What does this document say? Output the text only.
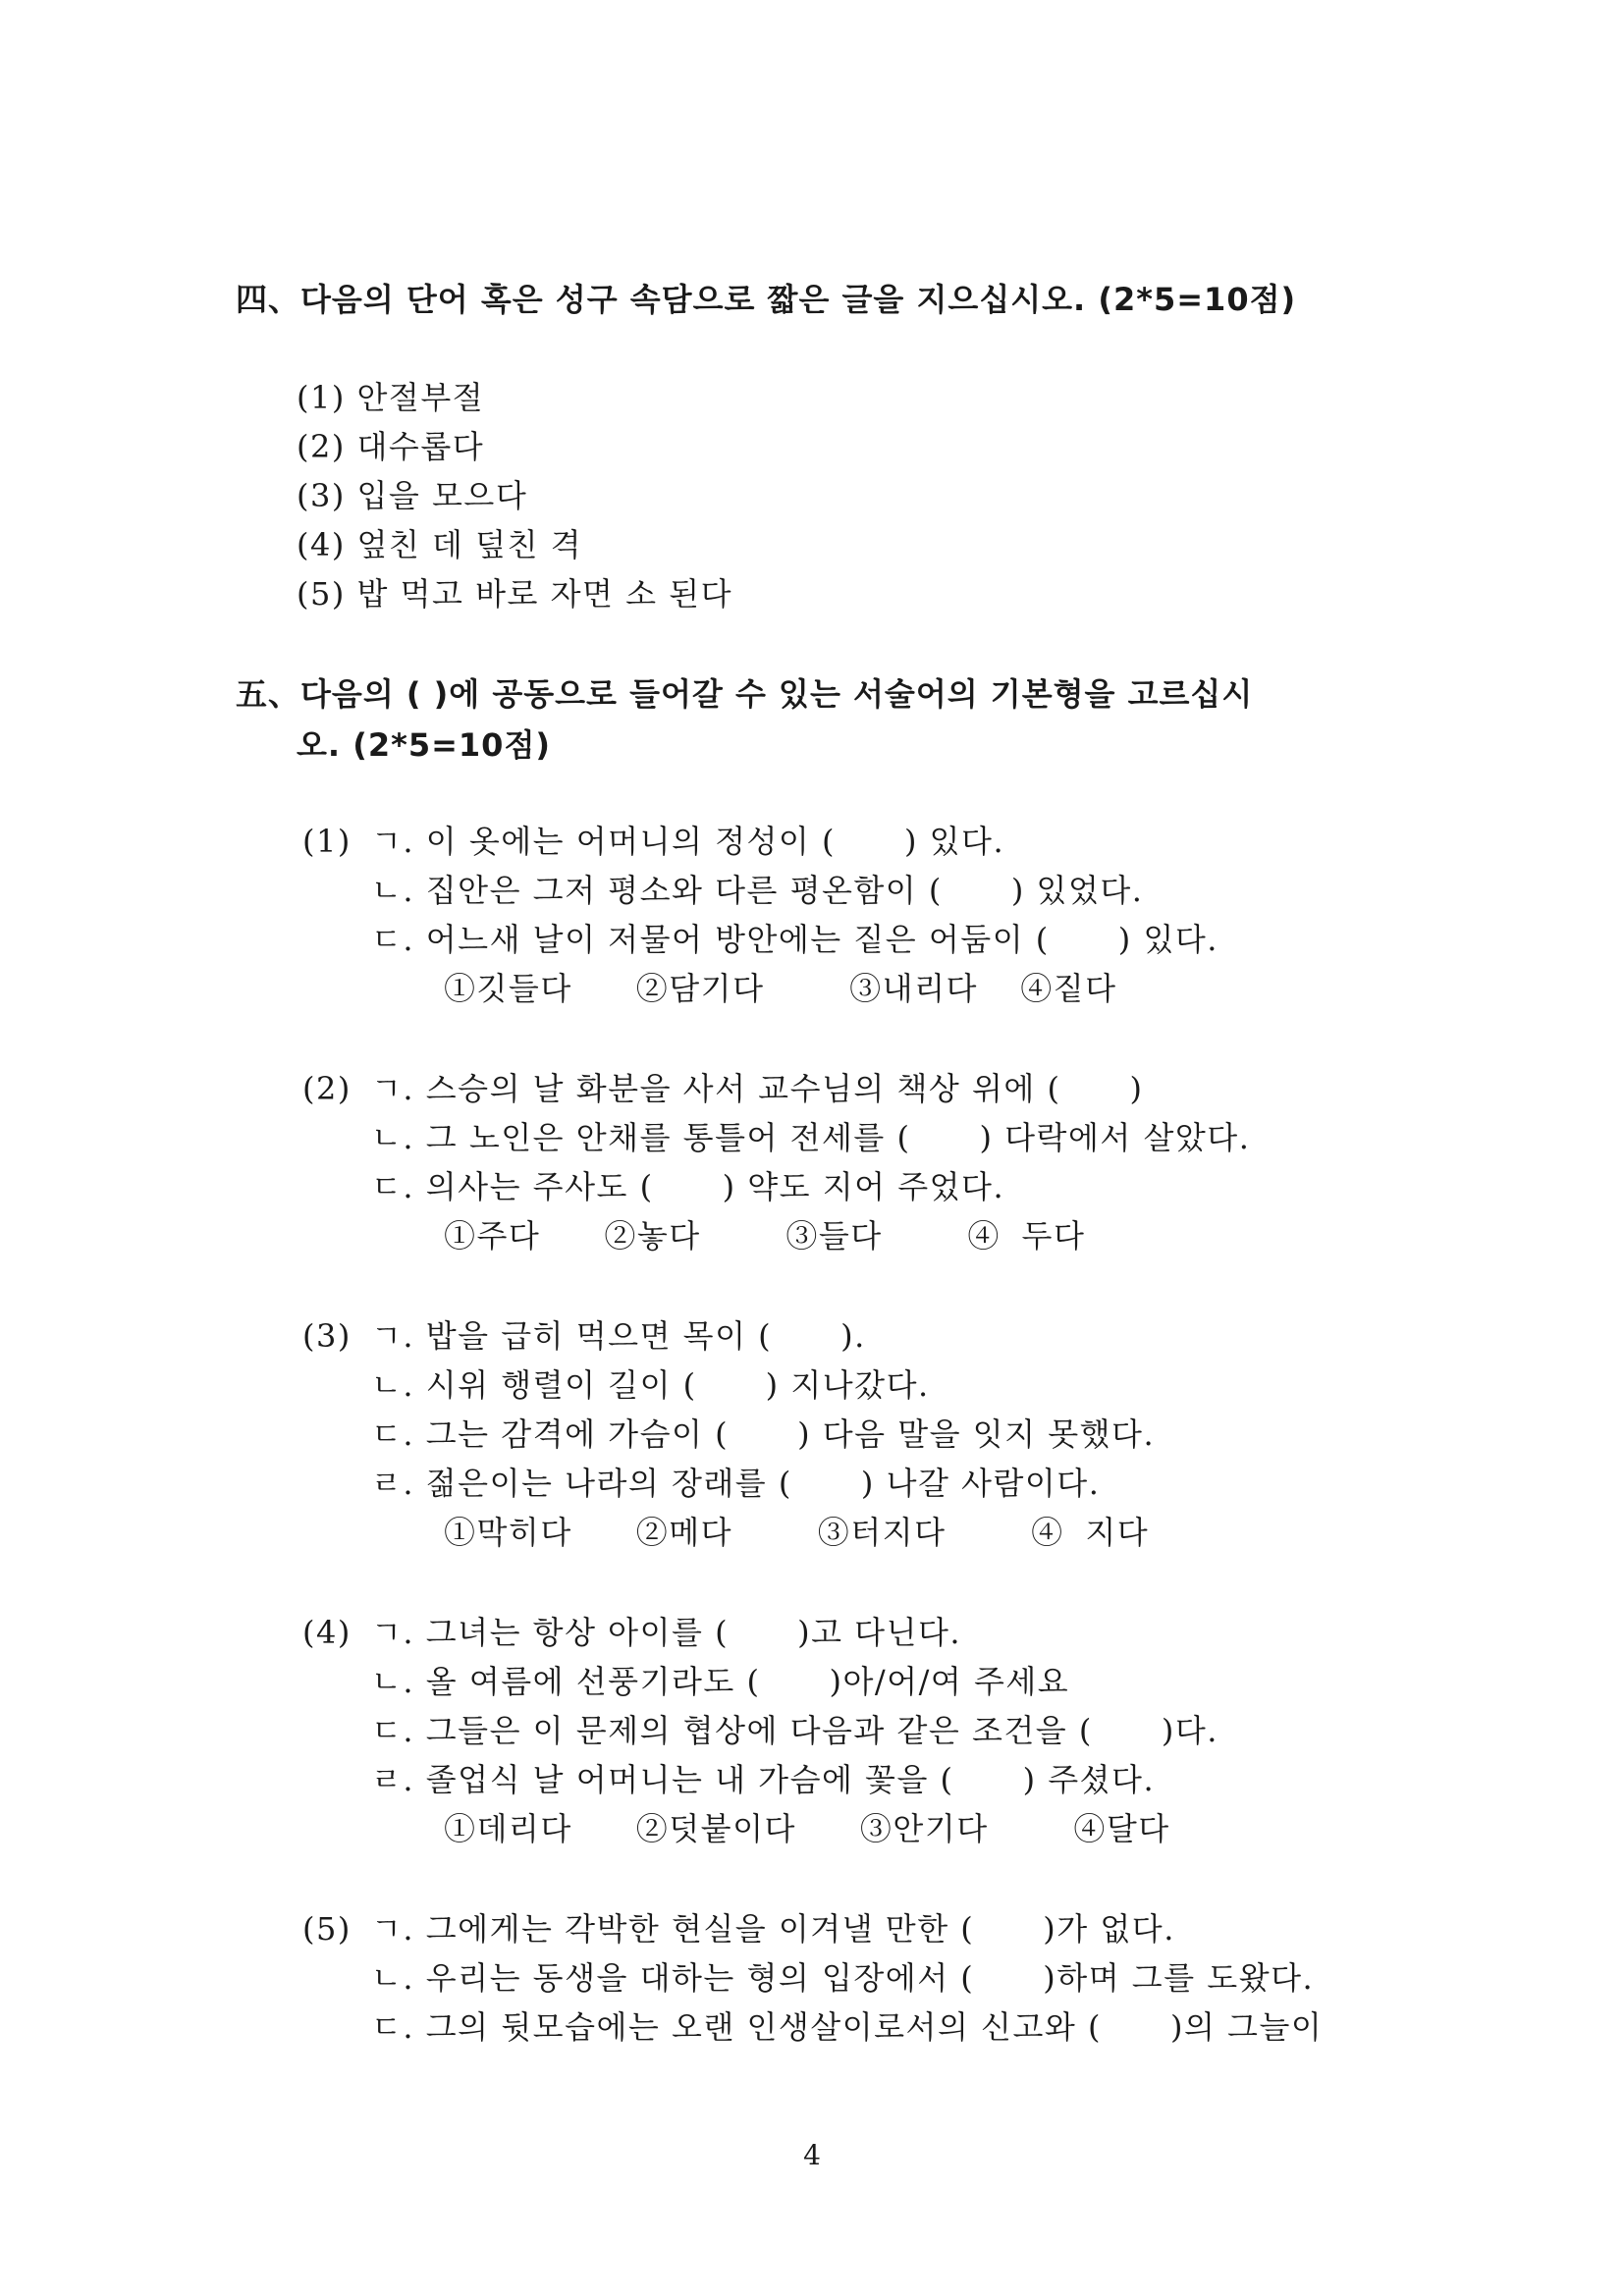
四、다음의 단어 혹은 성구 속담으로 짧은 글을 지으십시오. (2*5=10점)
(1) 안절부절
(2) 대수롭다
(3) 입을 모으다
(4) 엎친 데 덮친 격
(5) 밥 먹고 바로 자면 소 된다
五、다음의 ( )에 공동으로 들어갈 수 있는 서술어의 기본형을 고르십시
오. (2*5=10점)
(1) ㄱ. 이 옷에는 어머니의 정성이 (      ) 있다.
ㄴ. 집안은 그저 평소와 다른 평온함이 (      ) 있었다.
ㄷ. 어느새 날이 저물어 방안에는 짙은 어둠이 (      ) 있다.
①깃들다   ②담기다    ③내리다  ④짙다
(2) ㄱ. 스승의 날 화분을 사서 교수님의 책상 위에 (      )
ㄴ. 그 노인은 안채를 통틀어 전세를 (      ) 다락에서 살았다.
ㄷ. 의사는 주사도 (      ) 약도 지어 주었다.
①주다   ②놓다    ③들다    ④ 두다
(3) ㄱ. 밥을 급히 먹으면 목이 (      ).
ㄴ. 시위 행렬이 길이 (      ) 지나갔다.
ㄷ. 그는 감격에 가슴이 (      ) 다음 말을 잇지 못했다.
ㄹ. 젊은이는 나라의 장래를 (      ) 나갈 사람이다.
①막히다   ②메다    ③터지다    ④ 지다
(4) ㄱ. 그녀는 항상 아이를 (      )고 다닌다.
ㄴ. 올 여름에 선풍기라도 (      )아/어/여 주세요
ㄷ. 그들은 이 문제의 협상에 다음과 같은 조건을 (      )다.
ㄹ. 졸업식 날 어머니는 내 가슴에 꽃을 (      ) 주셨다.
①데리다   ②덧붙이다   ③안기다    ④달다
(5) ㄱ. 그에게는 각박한 현실을 이겨낼 만한 (      )가 없다.
ㄴ. 우리는 동생을 대하는 형의 입장에서 (      )하며 그를 도왔다.
ㄷ. 그의 뒷모습에는 오랜 인생살이로서의 신고와 (      )의 그늘이
4
